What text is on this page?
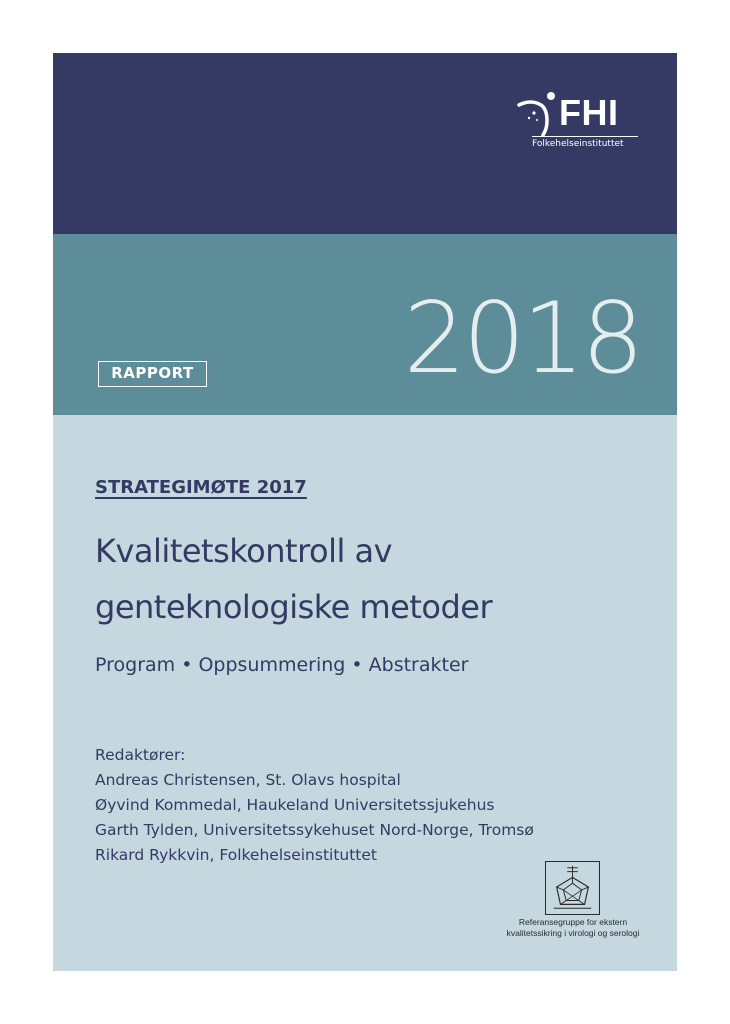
FHI
Folkehelseinstituttet
RAPPORT 2018
STRATEGIMØTE 2017
Kvalitetskontroll av
genteknologiske metoder
Program • Oppsummering • Abstrakter
Redaktører:
Andreas Christensen, St. Olavs hospital
Øyvind Kommedal, Haukeland Universitetssjukehus
Garth Tylden, Universitetssykehuset Nord-Norge, Tromsø
Rikard Rykkvin, Folkehelseinstituttet
Referansegruppe for ekstern
kvalitetssikring i virologi og serologi
